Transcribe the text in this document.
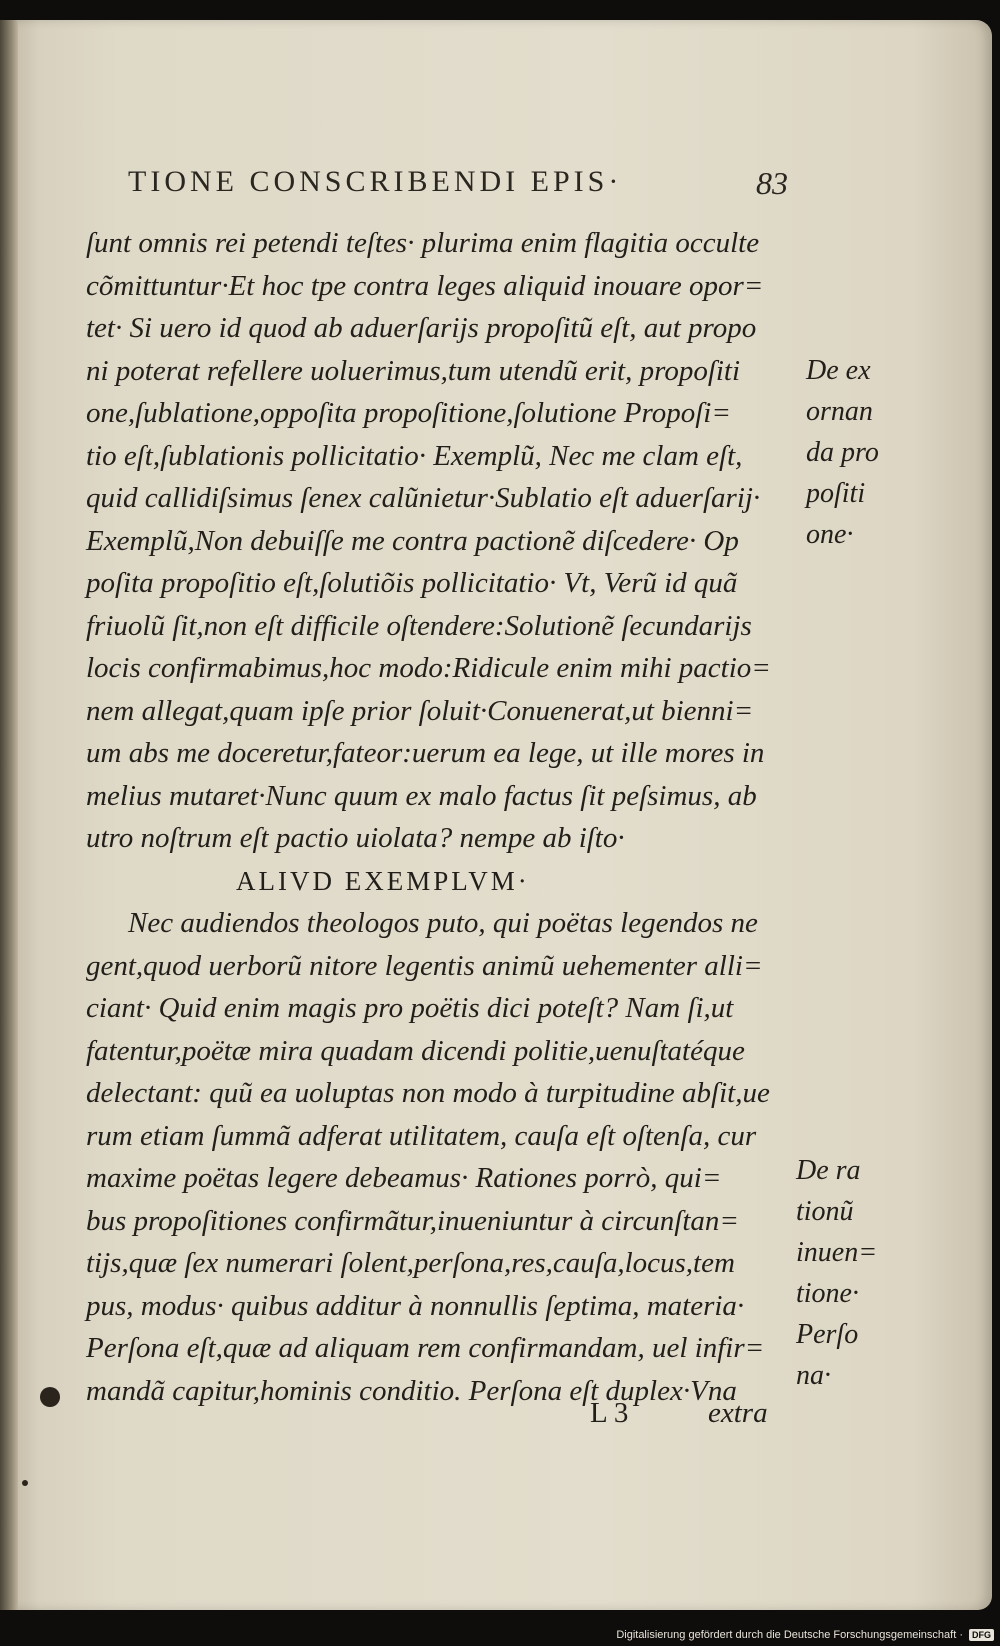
TIONE CONSCRIBENDI EPIS·	83
ſunt omnis rei petendi teſtes· plurima enim flagitia occulte
cõmittuntur·Et hoc tpe contra leges aliquid inouare opor=
tet· Si uero id quod ab aduerſarijs propoſitũ eſt, aut propo
ni poterat refellere uoluerimus,tum utendũ erit, propoſiti
one,ſublatione,oppoſita propoſitione,ſolutione Propoſi=
tio eſt,ſublationis pollicitatio· Exemplũ, Nec me clam eſt,
quid callidiſsimus ſenex calũnietur·Sublatio eſt aduerſarij·
Exemplũ,Non debuiſſe me contra pactionẽ diſcedere· Op
poſita propoſitio eſt,ſolutiõis pollicitatio· Vt, Verũ id quã
friuolũ ſit,non eſt difficile oſtendere:Solutionẽ ſecundarijs
locis confirmabimus,hoc modo:Ridicule enim mihi pactio=
nem allegat,quam ipſe prior ſoluit·Conuenerat,ut bienni=
um abs me doceretur,fateor:uerum ea lege, ut ille mores in
melius mutaret·Nunc quum ex malo factus ſit peſsimus, ab
utro noſtrum eſt pactio uiolata? nempe ab iſto·
ALIVD EXEMPLVM·
Nec audiendos theologos puto, qui poëtas legendos ne
gent,quod uerborũ nitore legentis animũ uehementer alli=
ciant· Quid enim magis pro poëtis dici poteſt? Nam ſi,ut
fatentur,poëtæ mira quadam dicendi politie,uenuſtatéque
delectant: quũ ea uoluptas non modo à turpitudine abſit,ue
rum etiam ſummã adferat utilitatem, cauſa eſt oſtenſa, cur
maxime poëtas legere debeamus· Rationes porrò, qui=
bus propoſitiones confirmãtur,inueniuntur à circunſtan=
tijs,quæ ſex numerari ſolent,perſona,res,cauſa,locus,tem
pus, modus· quibus additur à nonnullis ſeptima, materia·
Perſona eſt,quæ ad aliquam rem confirmandam, uel infir=
mandã capitur,hominis conditio. Perſona eſt duplex·Vna
De ex
ornan
da pro
poſiti
one·
De ra
tionũ
inuen=
tione·
Perſo
na·
L 3	extra
Digitalisierung gefördert durch die Deutsche Forschungsgemeinschaft ·	DFG
